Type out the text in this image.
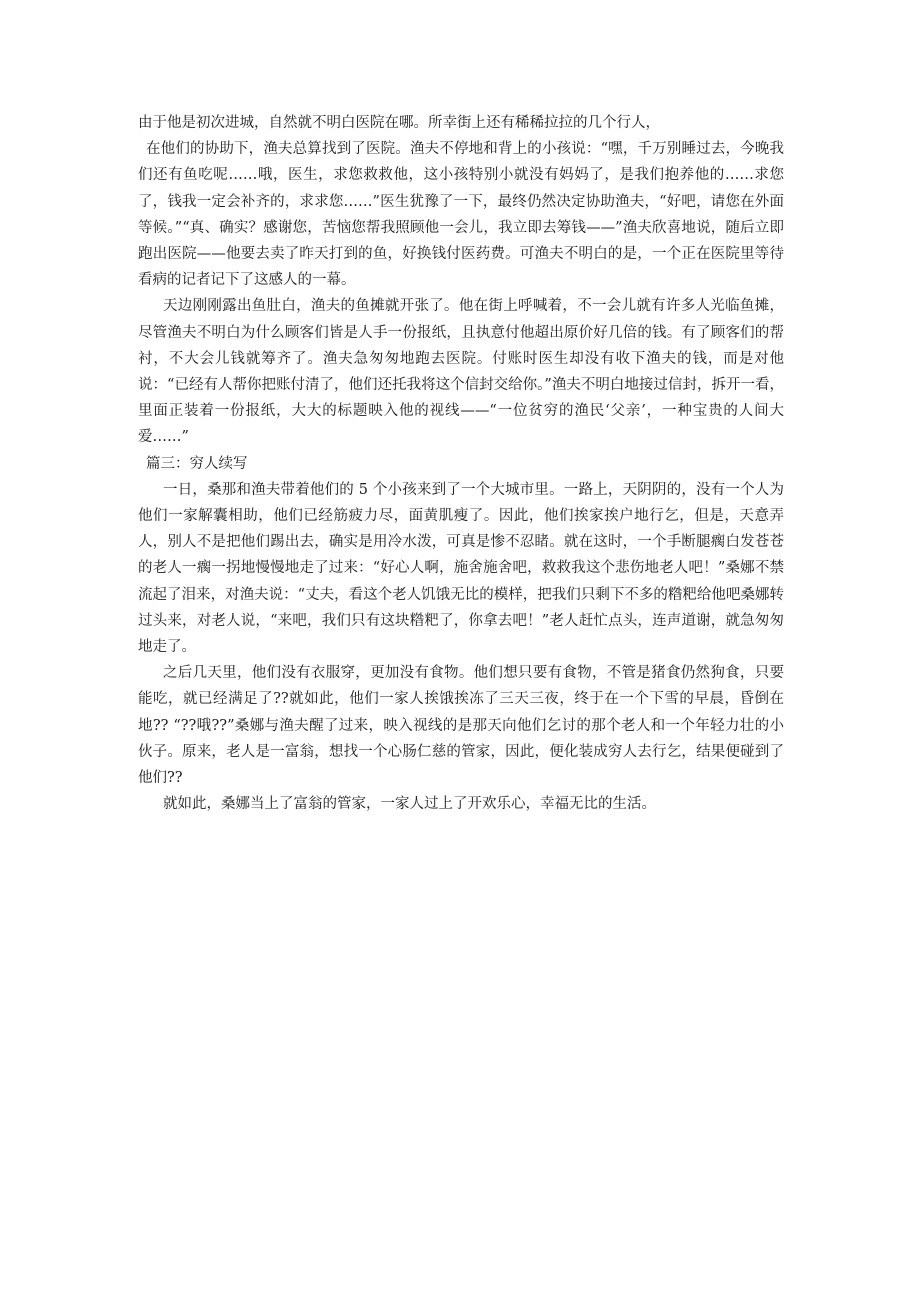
由于他是初次进城，自然就不明白医院在哪。所幸街上还有稀稀拉拉的几个行人，

在他们的协助下，渔夫总算找到了医院。渔夫不停地和背上的小孩说：“嘿，千万别睡过去，今晚我们还有鱼吃呢……哦，医生，求您救救他，这小孩特别小就没有妈妈了，是我们抱养他的……求您了，钱我一定会补齐的，求求您……”医生犹豫了一下，最终仍然决定协助渔夫，“好吧，请您在外面等候。”“真、确实？感谢您，苦恼您帮我照顾他一会儿，我立即去筹钱——”渔夫欣喜地说，随后立即跑出医院——他要去卖了昨天打到的鱼，好换钱付医药费。可渔夫不明白的是，一个正在医院里等待看病的记者记下了这感人的一幕。

天边刚刚露出鱼肚白，渔夫的鱼摊就开张了。他在街上呼喊着，不一会儿就有许多人光临鱼摊，尽管渔夫不明白为什么顾客们皆是人手一份报纸，且执意付他超出原价好几倍的钱。有了顾客们的帮衬，不大会儿钱就筹齐了。渔夫急匆匆地跑去医院。付账时医生却没有收下渔夫的钱，而是对他说：“已经有人帮你把账付清了，他们还托我将这个信封交给你。”渔夫不明白地接过信封，拆开一看，里面正装着一份报纸，大大的标题映入他的视线——“一位贫穷的渔民‘父亲’，一种宝贵的人间大爱……”

篇三：穷人续写

一日，桑那和渔夫带着他们的 5 个小孩来到了一个大城市里。一路上，天阴阴的，没有一个人为他们一家解囊相助，他们已经筋疲力尽，面黄肌瘦了。因此，他们挨家挨户地行乞，但是，天意弄人，别人不是把他们踢出去，确实是用冷水泼，可真是惨不忍睹。就在这时，一个手断腿瘸白发苍苍的老人一瘸一拐地慢慢地走了过来：“好心人啊，施舍施舍吧，救救我这个悲伤地老人吧！”桑娜不禁流起了泪来，对渔夫说：“丈夫，看这个老人饥饿无比的模样，把我们只剩下不多的糌粑给他吧桑娜转过头来，对老人说，“来吧，我们只有这块糌粑了，你拿去吧！”老人赶忙点头，连声道谢，就急匆匆地走了。

之后几天里，他们没有衣服穿，更加没有食物。他们想只要有食物，不管是猪食仍然狗食，只要能吃，就已经满足了??就如此，他们一家人挨饿挨冻了三天三夜，终于在一个下雪的早晨，昏倒在地?? “??哦??”桑娜与渔夫醒了过来，映入视线的是那天向他们乞讨的那个老人和一个年轻力壮的小伙子。原来，老人是一富翁，想找一个心肠仁慈的管家，因此，便化装成穷人去行乞，结果便碰到了他们??

就如此，桑娜当上了富翁的管家，一家人过上了开欢乐心，幸福无比的生活。
